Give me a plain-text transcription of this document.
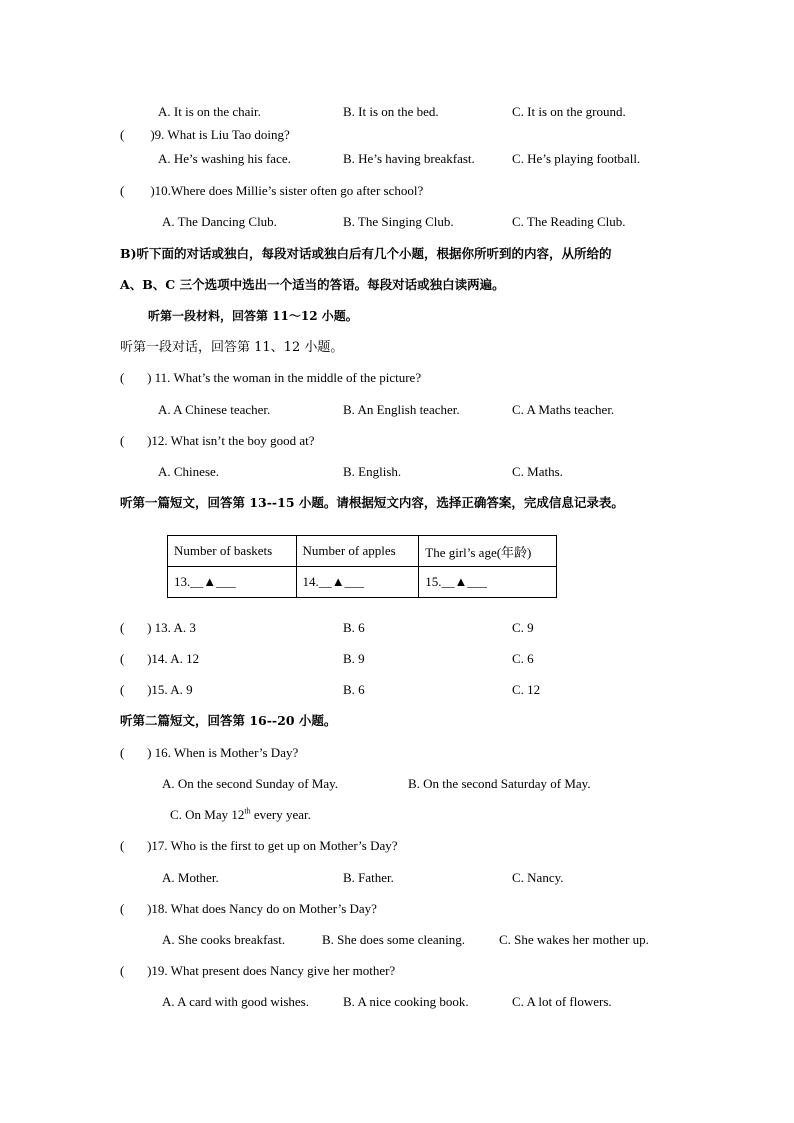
A. It is on the chair.	B. It is on the bed.	C. It is on the ground.
(        )9. What is Liu Tao doing?
A. He’s washing his face.	B. He’s having breakfast.	C. He’s playing football.
(        )10.Where does Millie’s sister often go after school?
A. The Dancing Club.	B. The Singing Club.	C. The Reading Club.
B)听下面的对话或独白，每段对话或独白后有几个小题，根据你所听到的内容，从所给的
A、B、C 三个选项中选出一个适当的答语。每段对话或独白读两遍。
听第一段材料，回答第 11～12 小题。
听第一段对话，回答第 11、12 小题。
(       ) 11. What’s the woman in the middle of the picture?
A. A Chinese teacher.	B. An English teacher.	C. A Maths teacher.
(       )12. What isn’t the boy good at?
A. Chinese.	B. English.	C. Maths.
听第一篇短文，回答第 13--15 小题。请根据短文内容，选择正确答案，完成信息记录表。
Number of baskets	Number of apples	The girl’s age(年龄)
13.__▲___	14.__▲___	15.__▲___
(       ) 13. A. 3	B. 6	C. 9
(       )14. A. 12	B. 9	C. 6
(       )15. A. 9	B. 6	C. 12
听第二篇短文，回答第 16--20 小题。
(       ) 16. When is Mother’s Day?
A. On the second Sunday of May.	B. On the second Saturday of May.
C. On May 12th every year.
(       )17. Who is the first to get up on Mother’s Day?
A. Mother.	B. Father.	C. Nancy.
(       )18. What does Nancy do on Mother’s Day?
A. She cooks breakfast.	B. She does some cleaning.	C. She wakes her mother up.
(       )19. What present does Nancy give her mother?
A. A card with good wishes.	B. A nice cooking book.	C. A lot of flowers.
